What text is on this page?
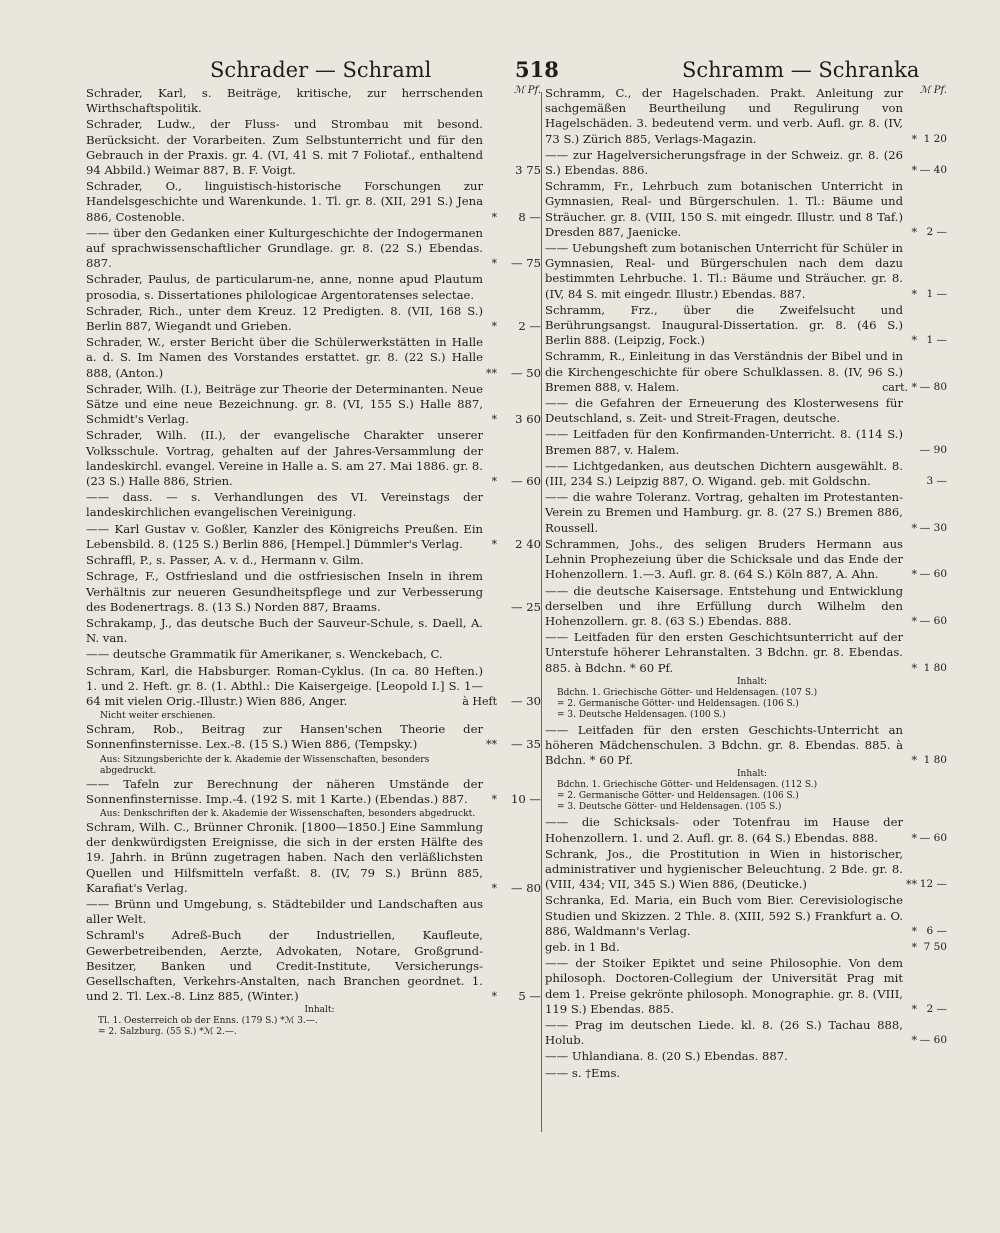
Schrader — Schraml	518	Schramm — Schranka
ℳ Pf.
Schrader, Karl, s. Beiträge, kritische, zur herrschenden Wirthschaftspolitik.
Schrader, Ludw., der Fluss- und Strombau mit besond. Berücksicht. der Vorarbeiten. Zum Selbstunterricht und für den Gebrauch in der Praxis. gr. 4. (VI, 41 S. mit 7 Foliotaf., enthaltend 94 Abbild.) Weimar 887, B. F. Voigt.	3 75
Schrader, O., linguistisch-historische Forschungen zur Handelsgeschichte und Warenkunde. 1. Tl. gr. 8. (XII, 291 S.) Jena 886, Costenoble.	*	8 —
—— über den Gedanken einer Kulturgeschichte der Indogermanen auf sprachwissenschaftlicher Grundlage. gr. 8. (22 S.) Ebendas. 887.	*	— 75
Schrader, Paulus, de particularum-ne, anne, nonne apud Plautum prosodia, s. Dissertationes philologicae Argentoratenses selectae.
Schrader, Rich., unter dem Kreuz. 12 Predigten. 8. (VII, 168 S.) Berlin 887, Wiegandt und Grieben.	*	2 —
Schrader, W., erster Bericht über die Schülerwerkstätten in Halle a. d. S. Im Namen des Vorstandes erstattet. gr. 8. (22 S.) Halle 888, (Anton.)	**	— 50
Schrader, Wilh. (I.), Beiträge zur Theorie der Determinanten. Neue Sätze und eine neue Bezeichnung. gr. 8. (VI, 155 S.) Halle 887, Schmidt's Verlag.	*	3 60
Schrader, Wilh. (II.), der evangelische Charakter unserer Volksschule. Vortrag, gehalten auf der Jahres-Versammlung der landeskirchl. evangel. Vereine in Halle a. S. am 27. Mai 1886. gr. 8. (23 S.) Halle 886, Strien.	*	— 60
—— dass. — s. Verhandlungen des VI. Vereinstags der landeskirchlichen evangelischen Vereinigung.
—— Karl Gustav v. Goßler, Kanzler des Königreichs Preußen. Ein Lebensbild. 8. (125 S.) Berlin 886, [Hempel.] Dümmler's Verlag.	*	2 40
Schraffl, P., s. Passer, A. v. d., Hermann v. Gilm.
Schrage, F., Ostfriesland und die ostfriesischen Inseln in ihrem Verhältnis zur neueren Gesundheitspflege und zur Verbesserung des Bodenertrags. 8. (13 S.) Norden 887, Braams.	— 25
Schrakamp, J., das deutsche Buch der Sauveur-Schule, s. Daell, A. N. van.
—— deutsche Grammatik für Amerikaner, s. Wenckebach, C.
Schram, Karl, die Habsburger. Roman-Cyklus. (In ca. 80 Heften.) 1. und 2. Heft. gr. 8. (1. Abthl.: Die Kaisergeige. [Leopold I.] S. 1—64 mit vielen Orig.-Illustr.) Wien 886, Anger.	à Heft	— 30
Nicht weiter erschienen.
Schram, Rob., Beitrag zur Hansen'schen Theorie der Sonnenfinsternisse. Lex.-8. (15 S.) Wien 886, (Tempsky.)	**	— 35
Aus: Sitzungsberichte der k. Akademie der Wissenschaften, besonders abgedruckt.
—— Tafeln zur Berechnung der näheren Umstände der Sonnenfinsternisse. Imp.-4. (192 S. mit 1 Karte.) (Ebendas.) 887.	*	10 —
Aus: Denkschriften der k. Akademie der Wissenschaften, besonders abgedruckt.
Schram, Wilh. C., Brünner Chronik. [1800—1850.] Eine Sammlung der denkwürdigsten Ereignisse, die sich in der ersten Hälfte des 19. Jahrh. in Brünn zugetragen haben. Nach den verläßlichsten Quellen und Hilfsmitteln verfaßt. 8. (IV, 79 S.) Brünn 885, Karafiat's Verlag.	*	— 80
—— Brünn und Umgebung, s. Städtebilder und Landschaften aus aller Welt.
Schraml's Adreß-Buch der Industriellen, Kaufleute, Gewerbetreibenden, Aerzte, Advokaten, Notare, Großgrund-Besitzer, Banken und Credit-Institute, Versicherungs-Gesellschaften, Verkehrs-Anstalten, nach Branchen geordnet. 1. und 2. Tl. Lex.-8. Linz 885, (Winter.)	*	5 —
Inhalt:
Tl. 1. Oesterreich ob der Enns. (179 S.) *ℳ 3.—.
= 2. Salzburg. (55 S.) *ℳ 2.—.
ℳ Pf.
Schramm, C., der Hagelschaden. Prakt. Anleitung zur sachgemäßen Beurtheilung und Regulirung von Hagelschäden. 3. bedeutend verm. und verb. Aufl. gr. 8. (IV, 73 S.) Zürich 885, Verlags-Magazin.	* 1 20
—— zur Hagelversicherungsfrage in der Schweiz. gr. 8. (26 S.) Ebendas. 886.	* — 40
Schramm, Fr., Lehrbuch zum botanischen Unterricht in Gymnasien, Real- und Bürgerschulen. 1. Tl.: Bäume und Sträucher. gr. 8. (VIII, 150 S. mit eingedr. Illustr. und 8 Taf.) Dresden 887, Jaenicke.	* 2 —
—— Uebungsheft zum botanischen Unterricht für Schüler in Gymnasien, Real- und Bürgerschulen nach dem dazu bestimmten Lehrbuche. 1. Tl.: Bäume und Sträucher. gr. 8. (IV, 84 S. mit eingedr. Illustr.) Ebendas. 887.	* 1 —
Schramm, Frz., über die Zweifelsucht und Berührungsangst. Inaugural-Dissertation. gr. 8. (46 S.) Berlin 888. (Leipzig, Fock.)	* 1 —
Schramm, R., Einleitung in das Verständnis der Bibel und in die Kirchengeschichte für obere Schulklassen. 8. (IV, 96 S.) Bremen 888, v. Halem.	cart. * — 80
—— die Gefahren der Erneuerung des Klosterwesens für Deutschland, s. Zeit- und Streit-Fragen, deutsche.
—— Leitfaden für den Konfirmanden-Unterricht. 8. (114 S.) Bremen 887, v. Halem.	— 90
—— Lichtgedanken, aus deutschen Dichtern ausgewählt. 8. (III, 234 S.) Leipzig 887, O. Wigand. geb. mit Goldschn.	3 —
—— die wahre Toleranz. Vortrag, gehalten im Protestanten-Verein zu Bremen und Hamburg. gr. 8. (27 S.) Bremen 886, Roussell.	* — 30
Schrammen, Johs., des seligen Bruders Hermann aus Lehnin Prophezeiung über die Schicksale und das Ende der Hohenzollern. 1.—3. Aufl. gr. 8. (64 S.) Köln 887, A. Ahn.	* — 60
—— die deutsche Kaisersage. Entstehung und Entwicklung derselben und ihre Erfüllung durch Wilhelm den Hohenzollern. gr. 8. (63 S.) Ebendas. 888.	* — 60
—— Leitfaden für den ersten Geschichtsunterricht auf der Unterstufe höherer Lehranstalten. 3 Bdchn. gr. 8. Ebendas. 885. à Bdchn. * 60 Pf.	* 1 80
Inhalt:
Bdchn. 1. Griechische Götter- und Heldensagen. (107 S.)
= 2. Germanische Götter- und Heldensagen. (106 S.)
= 3. Deutsche Heldensagen. (100 S.)
—— Leitfaden für den ersten Geschichts-Unterricht an höheren Mädchenschulen. 3 Bdchn. gr. 8. Ebendas. 885. à Bdchn. * 60 Pf.	* 1 80
Inhalt:
Bdchn. 1. Griechische Götter- und Heldensagen. (112 S.)
= 2. Germanische Götter- und Heldensagen. (106 S.)
= 3. Deutsche Götter- und Heldensagen. (105 S.)
—— die Schicksals- oder Totenfrau im Hause der Hohenzollern. 1. und 2. Aufl. gr. 8. (64 S.) Ebendas. 888.	* — 60
Schrank, Jos., die Prostitution in Wien in historischer, administrativer und hygienischer Beleuchtung. 2 Bde. gr. 8. (VIII, 434; VII, 345 S.) Wien 886, (Deuticke.)	** 12 —
Schranka, Ed. Maria, ein Buch vom Bier. Cerevisiologische Studien und Skizzen. 2 Thle. 8. (XIII, 592 S.) Frankfurt a. O. 886, Waldmann's Verlag.	* 6 —
geb. in 1 Bd.	* 7 50
—— der Stoiker Epiktet und seine Philosophie. Von dem philosoph. Doctoren-Collegium der Universität Prag mit dem 1. Preise gekrönte philosoph. Monographie. gr. 8. (VIII, 119 S.) Ebendas. 885.	* 2 —
—— Prag im deutschen Liede. kl. 8. (26 S.) Tachau 888, Holub.	* — 60
—— Uhlandiana. 8. (20 S.) Ebendas. 887.
—— s. †Ems.
